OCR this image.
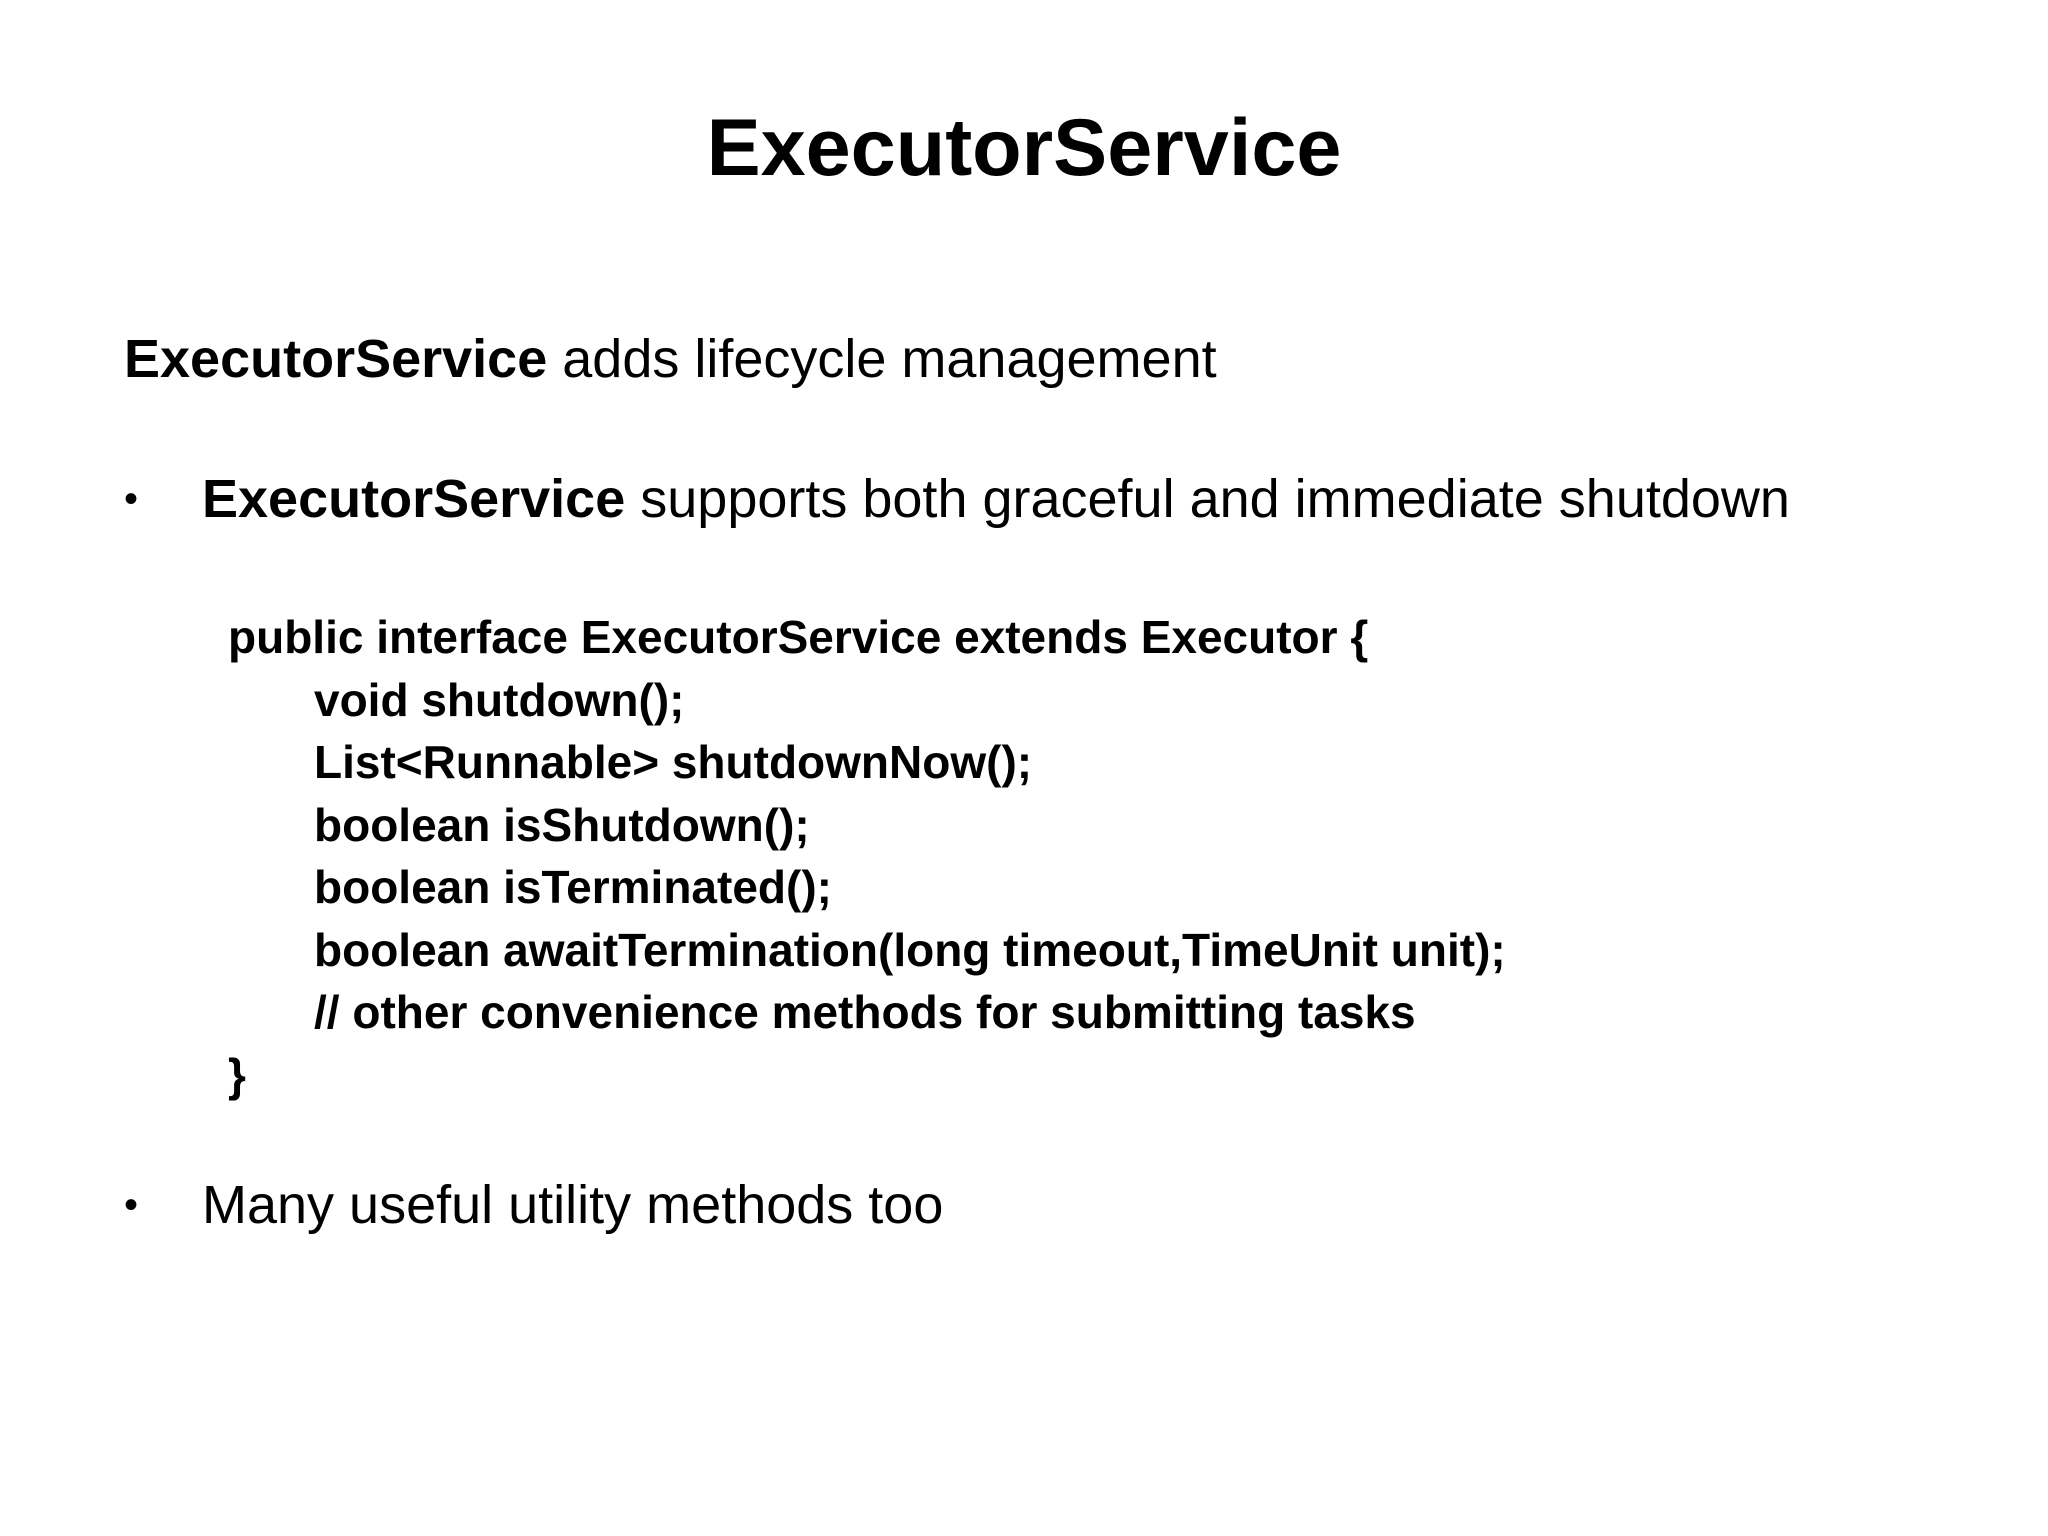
ExecutorService
ExecutorService adds lifecycle management
• ExecutorService supports both graceful and immediate shutdown
public interface ExecutorService extends Executor {
void shutdown();
List<Runnable> shutdownNow();
boolean isShutdown();
boolean isTerminated();
boolean awaitTermination(long timeout,TimeUnit unit);
// other convenience methods for submitting tasks
}
• Many useful utility methods too
